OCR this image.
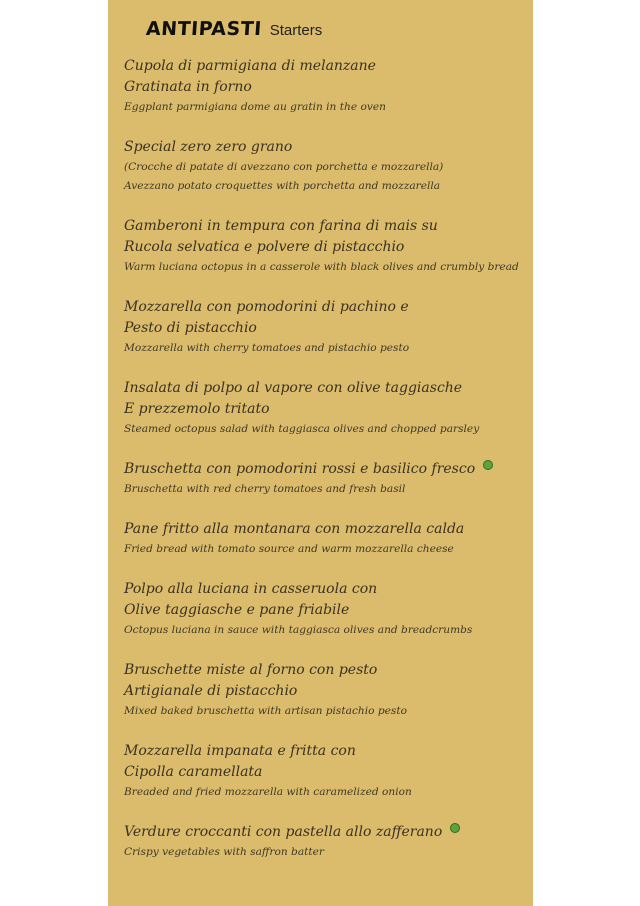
ANTIPASTI Starters
Cupola di parmigiana di melanzane
Gratinata in forno
Eggplant parmigiana dome au gratin in the oven
Special zero zero grano
(Crocche di patate di avezzano con porchetta e mozzarella)
Avezzano potato croquettes with porchetta and mozzarella
Gamberoni in tempura con farina di mais su
Rucola selvatica e polvere di pistacchio
Warm luciana octopus in a casserole with black olives and crumbly bread
Mozzarella con pomodorini di pachino e
Pesto di pistacchio
Mozzarella with cherry tomatoes and pistachio pesto
Insalata di polpo al vapore con olive taggiasche
E prezzemolo tritato
Steamed octopus salad with taggiasca olives and chopped parsley
Bruschetta con pomodorini rossi e basilico fresco
Bruschetta with red cherry tomatoes and fresh basil
Pane fritto alla montanara con mozzarella calda
Fried bread with tomato source and warm mozzarella cheese
Polpo alla luciana in casseruola con
Olive taggiasche e pane friabile
Octopus luciana in sauce with taggiasca olives and breadcrumbs
Bruschette miste al forno con pesto
Artigianale di pistacchio
Mixed baked bruschetta with artisan pistachio pesto
Mozzarella impanata e fritta con
Cipolla caramellata
Breaded and fried mozzarella with caramelized onion
Verdure croccanti con pastella allo zafferano
Crispy vegetables with saffron batter
